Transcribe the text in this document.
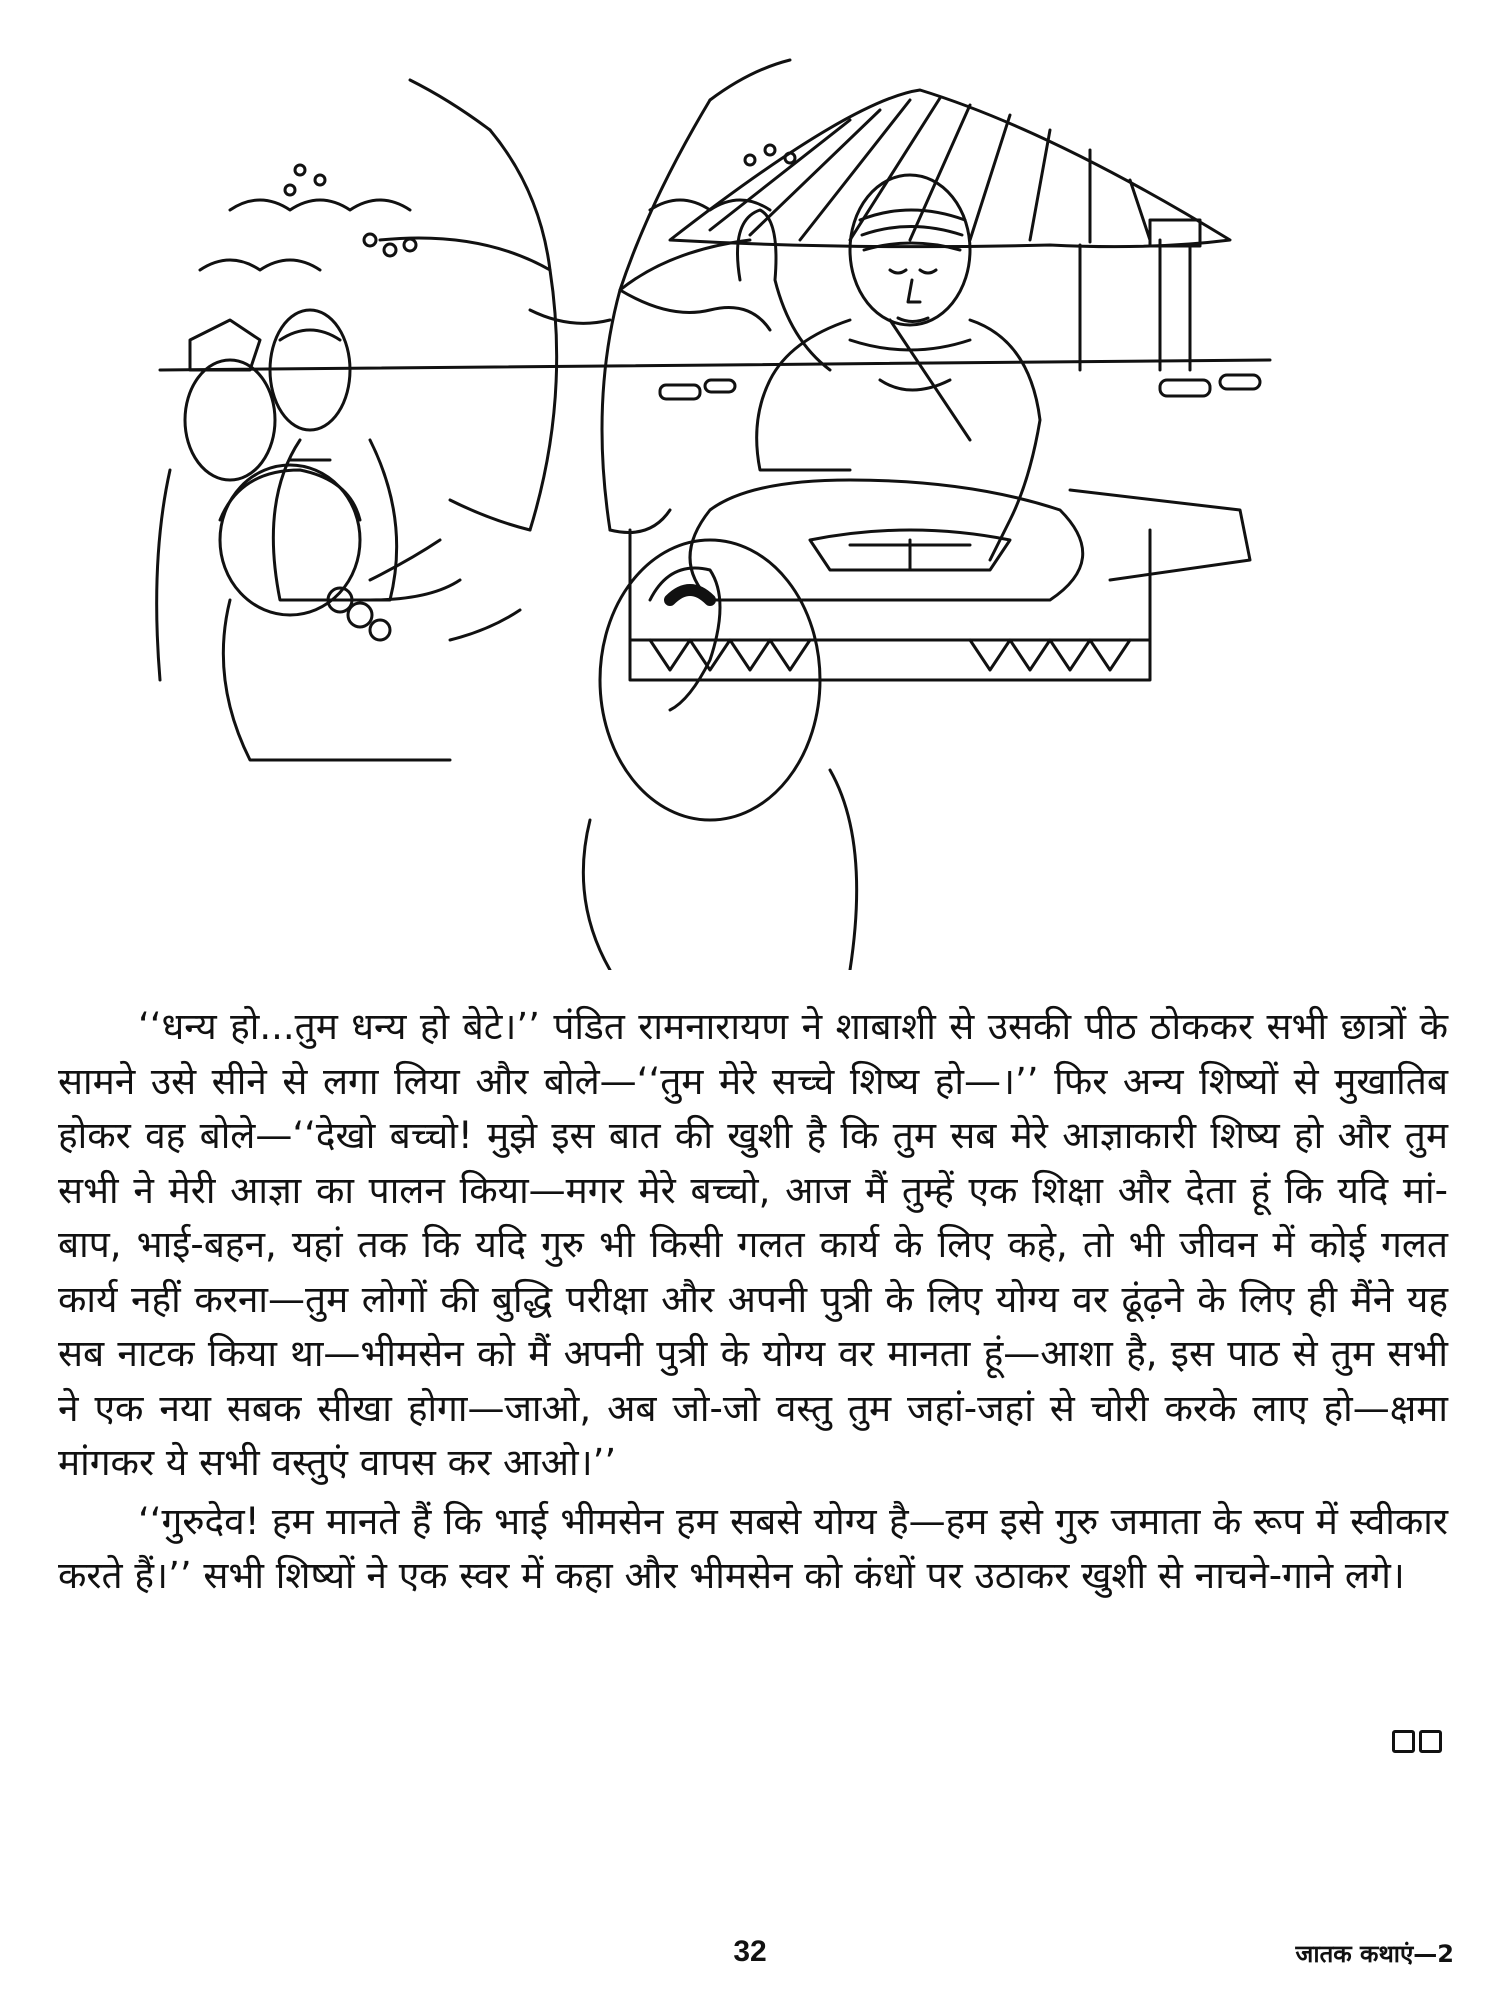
‘‘धन्य हो...तुम धन्य हो बेटे।’’ पंडित रामनारायण ने शाबाशी से उसकी पीठ ठोककर सभी छात्रों के सामने उसे सीने से लगा लिया और बोले—‘‘तुम मेरे सच्चे शिष्य हो—।’’ फिर अन्य शिष्यों से मुखातिब होकर वह बोले—‘‘देखो बच्चो! मुझे इस बात की खुशी है कि तुम सब मेरे आज्ञाकारी शिष्य हो और तुम सभी ने मेरी आज्ञा का पालन किया—मगर मेरे बच्चो, आज मैं तुम्हें एक शिक्षा और देता हूं कि यदि मां-बाप, भाई-बहन, यहां तक कि यदि गुरु भी किसी गलत कार्य के लिए कहे, तो भी जीवन में कोई गलत कार्य नहीं करना—तुम लोगों की बुद्धि परीक्षा और अपनी पुत्री के लिए योग्य वर ढूंढ़ने के लिए ही मैंने यह सब नाटक किया था—भीमसेन को मैं अपनी पुत्री के योग्य वर मानता हूं—आशा है, इस पाठ से तुम सभी ने एक नया सबक सीखा होगा—जाओ, अब जो-जो वस्तु तुम जहां-जहां से चोरी करके लाए हो—क्षमा मांगकर ये सभी वस्तुएं वापस कर आओ।’’

‘‘गुरुदेव! हम मानते हैं कि भाई भीमसेन हम सबसे योग्य है—हम इसे गुरु जमाता के रूप में स्वीकार करते हैं।’’ सभी शिष्यों ने एक स्वर में कहा और भीमसेन को कंधों पर उठाकर खुशी से नाचने-गाने लगे।

32	जातक कथाएं—2
